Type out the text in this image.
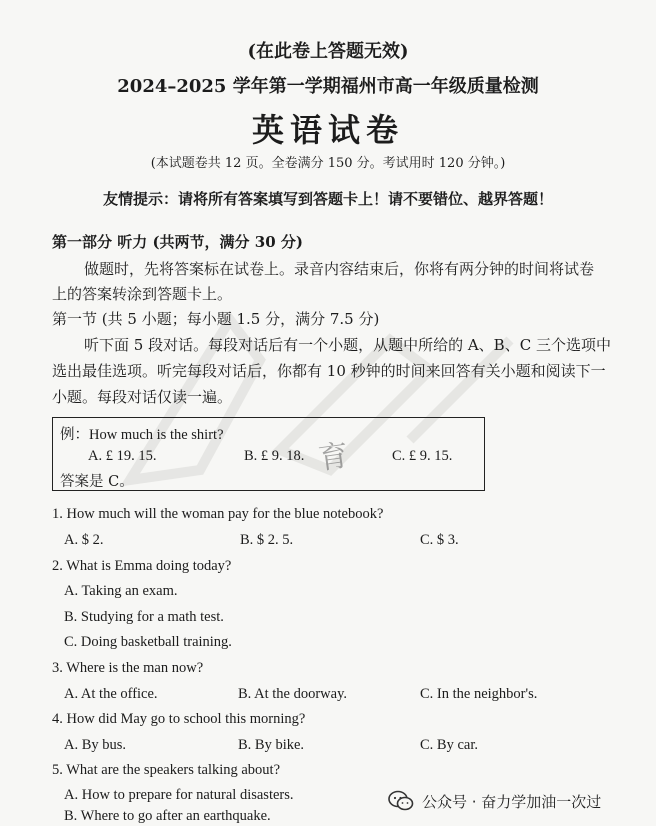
(在此卷上答题无效)
2024–2025 学年第一学期福州市高一年级质量检测
英语试卷
(本试题卷共 12 页。全卷满分 150 分。考试用时 120 分钟。)
友情提示：请将所有答案填写到答题卡上！请不要错位、越界答题！
第一部分 听力 (共两节，满分 30 分)
做题时，先将答案标在试卷上。录音内容结束后，你将有两分钟的时间将试卷
上的答案转涂到答题卡上。
第一节 (共 5 小题；每小题 1.5 分，满分 7.5 分)
听下面 5 段对话。每段对话后有一个小题，从题中所给的 A、B、C 三个选项中
选出最佳选项。听完每段对话后，你都有 10 秒钟的时间来回答有关小题和阅读下一
小题。每段对话仅读一遍。
例：How much is the shirt?
A. £ 19. 15.	B. £ 9. 18.	C. £ 9. 15.
答案是 C。
育
1. How much will the woman pay for the blue notebook?
A. $ 2.	B. $ 2. 5.	C. $ 3.
2. What is Emma doing today?
A. Taking an exam.
B. Studying for a math test.
C. Doing basketball training.
3. Where is the man now?
A. At the office.	B. At the doorway.	C. In the neighbor's.
4. How did May go to school this morning?
A. By bus.	B. By bike.	C. By car.
5. What are the speakers talking about?
A. How to prepare for natural disasters.
B. Where to go after an earthquake.
公众号 · 奋力学加油一次过
